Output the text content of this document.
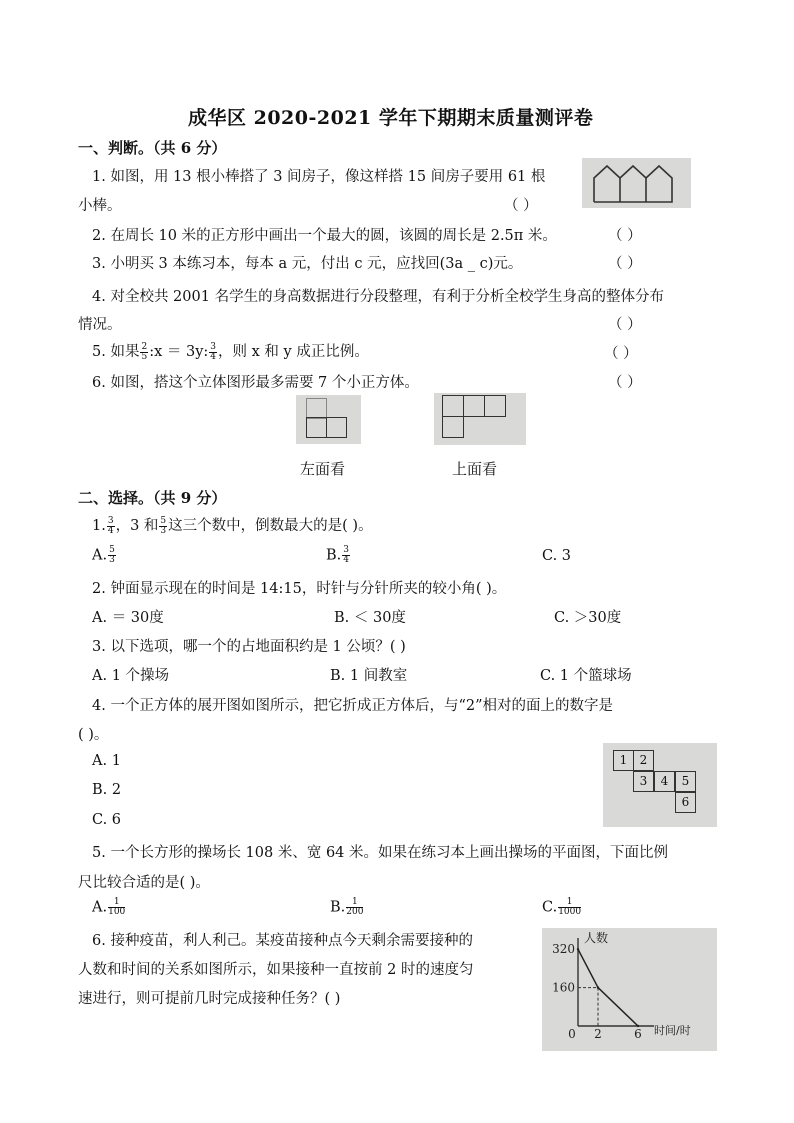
成华区 2020-2021 学年下期期末质量测评卷
一、判断。（共 6 分）
1. 如图，用 13 根小棒搭了 3 间房子，像这样搭 15 间房子要用 61 根
小棒。	（ ）
2. 在周长 10 米的正方形中画出一个最大的圆，该圆的周长是 2.5π 米。	（ ）
3. 小明买 3 本练习本，每本 a 元，付出 c 元，应找回(3a _ c)元。	（ ）
4. 对全校共 2001 名学生的身高数据进行分段整理，有利于分析全校学生身高的整体分布
情况。	（ ）
5. 如果 $\frac{2}{5}$ :x ＝ 3y: $\frac{3}{4}$ ，则 x 和 y 成正比例。	（ ）
6. 如图，搭这个立体图形最多需要 7 个小正方体。	（ ）
左面看	上面看
二、选择。（共 9 分）
1. $\frac{3}{4}$ ，3 和 $\frac{5}{3}$ 这三个数中，倒数最大的是( )。
A. $\frac{5}{3}$	B. $\frac{3}{4}$	C. 3
2. 钟面显示现在的时间是 14:15，时针与分针所夹的较小角( )。
A. ＝ 30度	B. ＜ 30度	C. ＞30度
3. 以下选项，哪一个的占地面积约是 1 公顷？( )
A. 1 个操场	B. 1 间教室	C. 1 个篮球场
4. 一个正方体的展开图如图所示，把它折成正方体后，与“2”相对的面上的数字是
( )。
A. 1
B. 2
C. 6
1	2
3	4	5
6
5. 一个长方形的操场长 108 米、宽 64 米。如果在练习本上画出操场的平面图，下面比例
尺比较合适的是( )。
A. $\frac{1}{100}$	B. $\frac{1}{200}$	C. $\frac{1}{1000}$
6. 接种疫苗，利人利己。某疫苗接种点今天剩余需要接种的
人数和时间的关系如图所示，如果接种一直按前 2 时的速度匀
速进行，则可提前几时完成接种任务？( )
人数
时间/时
320
160
0 2	6
